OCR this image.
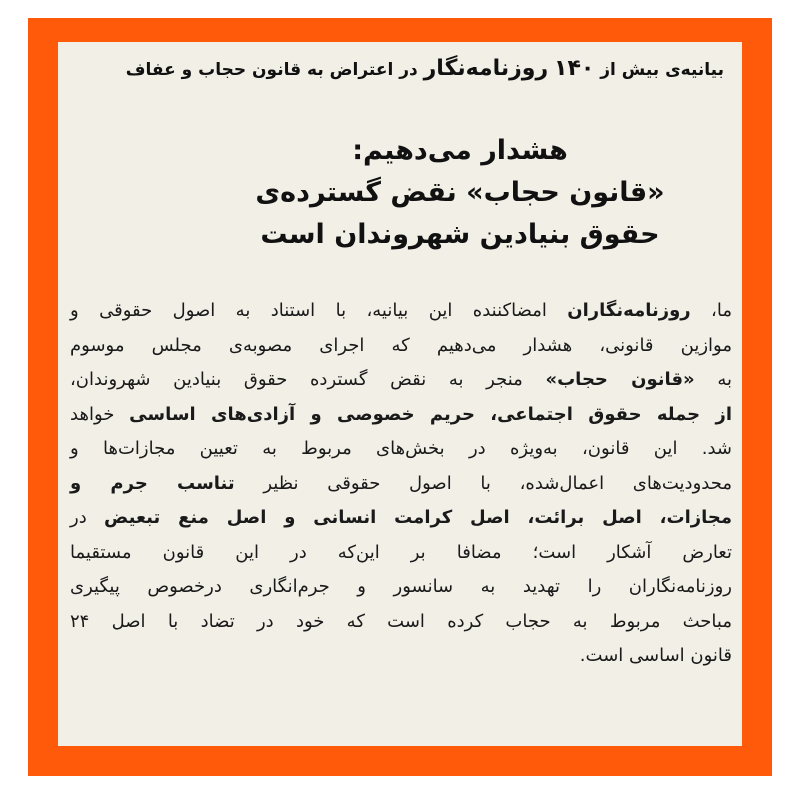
بیانیه‌ی بیش از ۱۴۰ روزنامه‌نگار در اعتراض به قانون حجاب و عفاف
هشدار می‌دهیم:
«قانون حجاب» نقض گسترده‌ی
حقوق بنیادین شهروندان است
ما، روزنامه‌نگاران امضاکننده این بیانیه، با استناد به اصول حقوقی و
موازین قانونی، هشدار می‌دهیم که اجرای مصوبه‌ی مجلس موسوم
به «قانون حجاب» منجر به نقض گسترده حقوق بنیادین شهروندان،
از جمله حقوق اجتماعی، حریم خصوصی و آزادی‌های اساسی خواهد
شد. این قانون، به‌ویژه در بخش‌های مربوط به تعیین مجازات‌ها و
محدودیت‌های اعمال‌شده، با اصول حقوقی نظیر تناسب جرم و
مجازات، اصل برائت، اصل کرامت انسانی و اصل منع تبعیض در
تعارض آشکار است؛ مضافا بر این‌که در این قانون مستقیما
روزنامه‌نگاران را تهدید به سانسور و جرم‌انگاری درخصوص پیگیری
مباحث مربوط به حجاب کرده است که خود در تضاد با اصل ۲۴
قانون اساسی است.
